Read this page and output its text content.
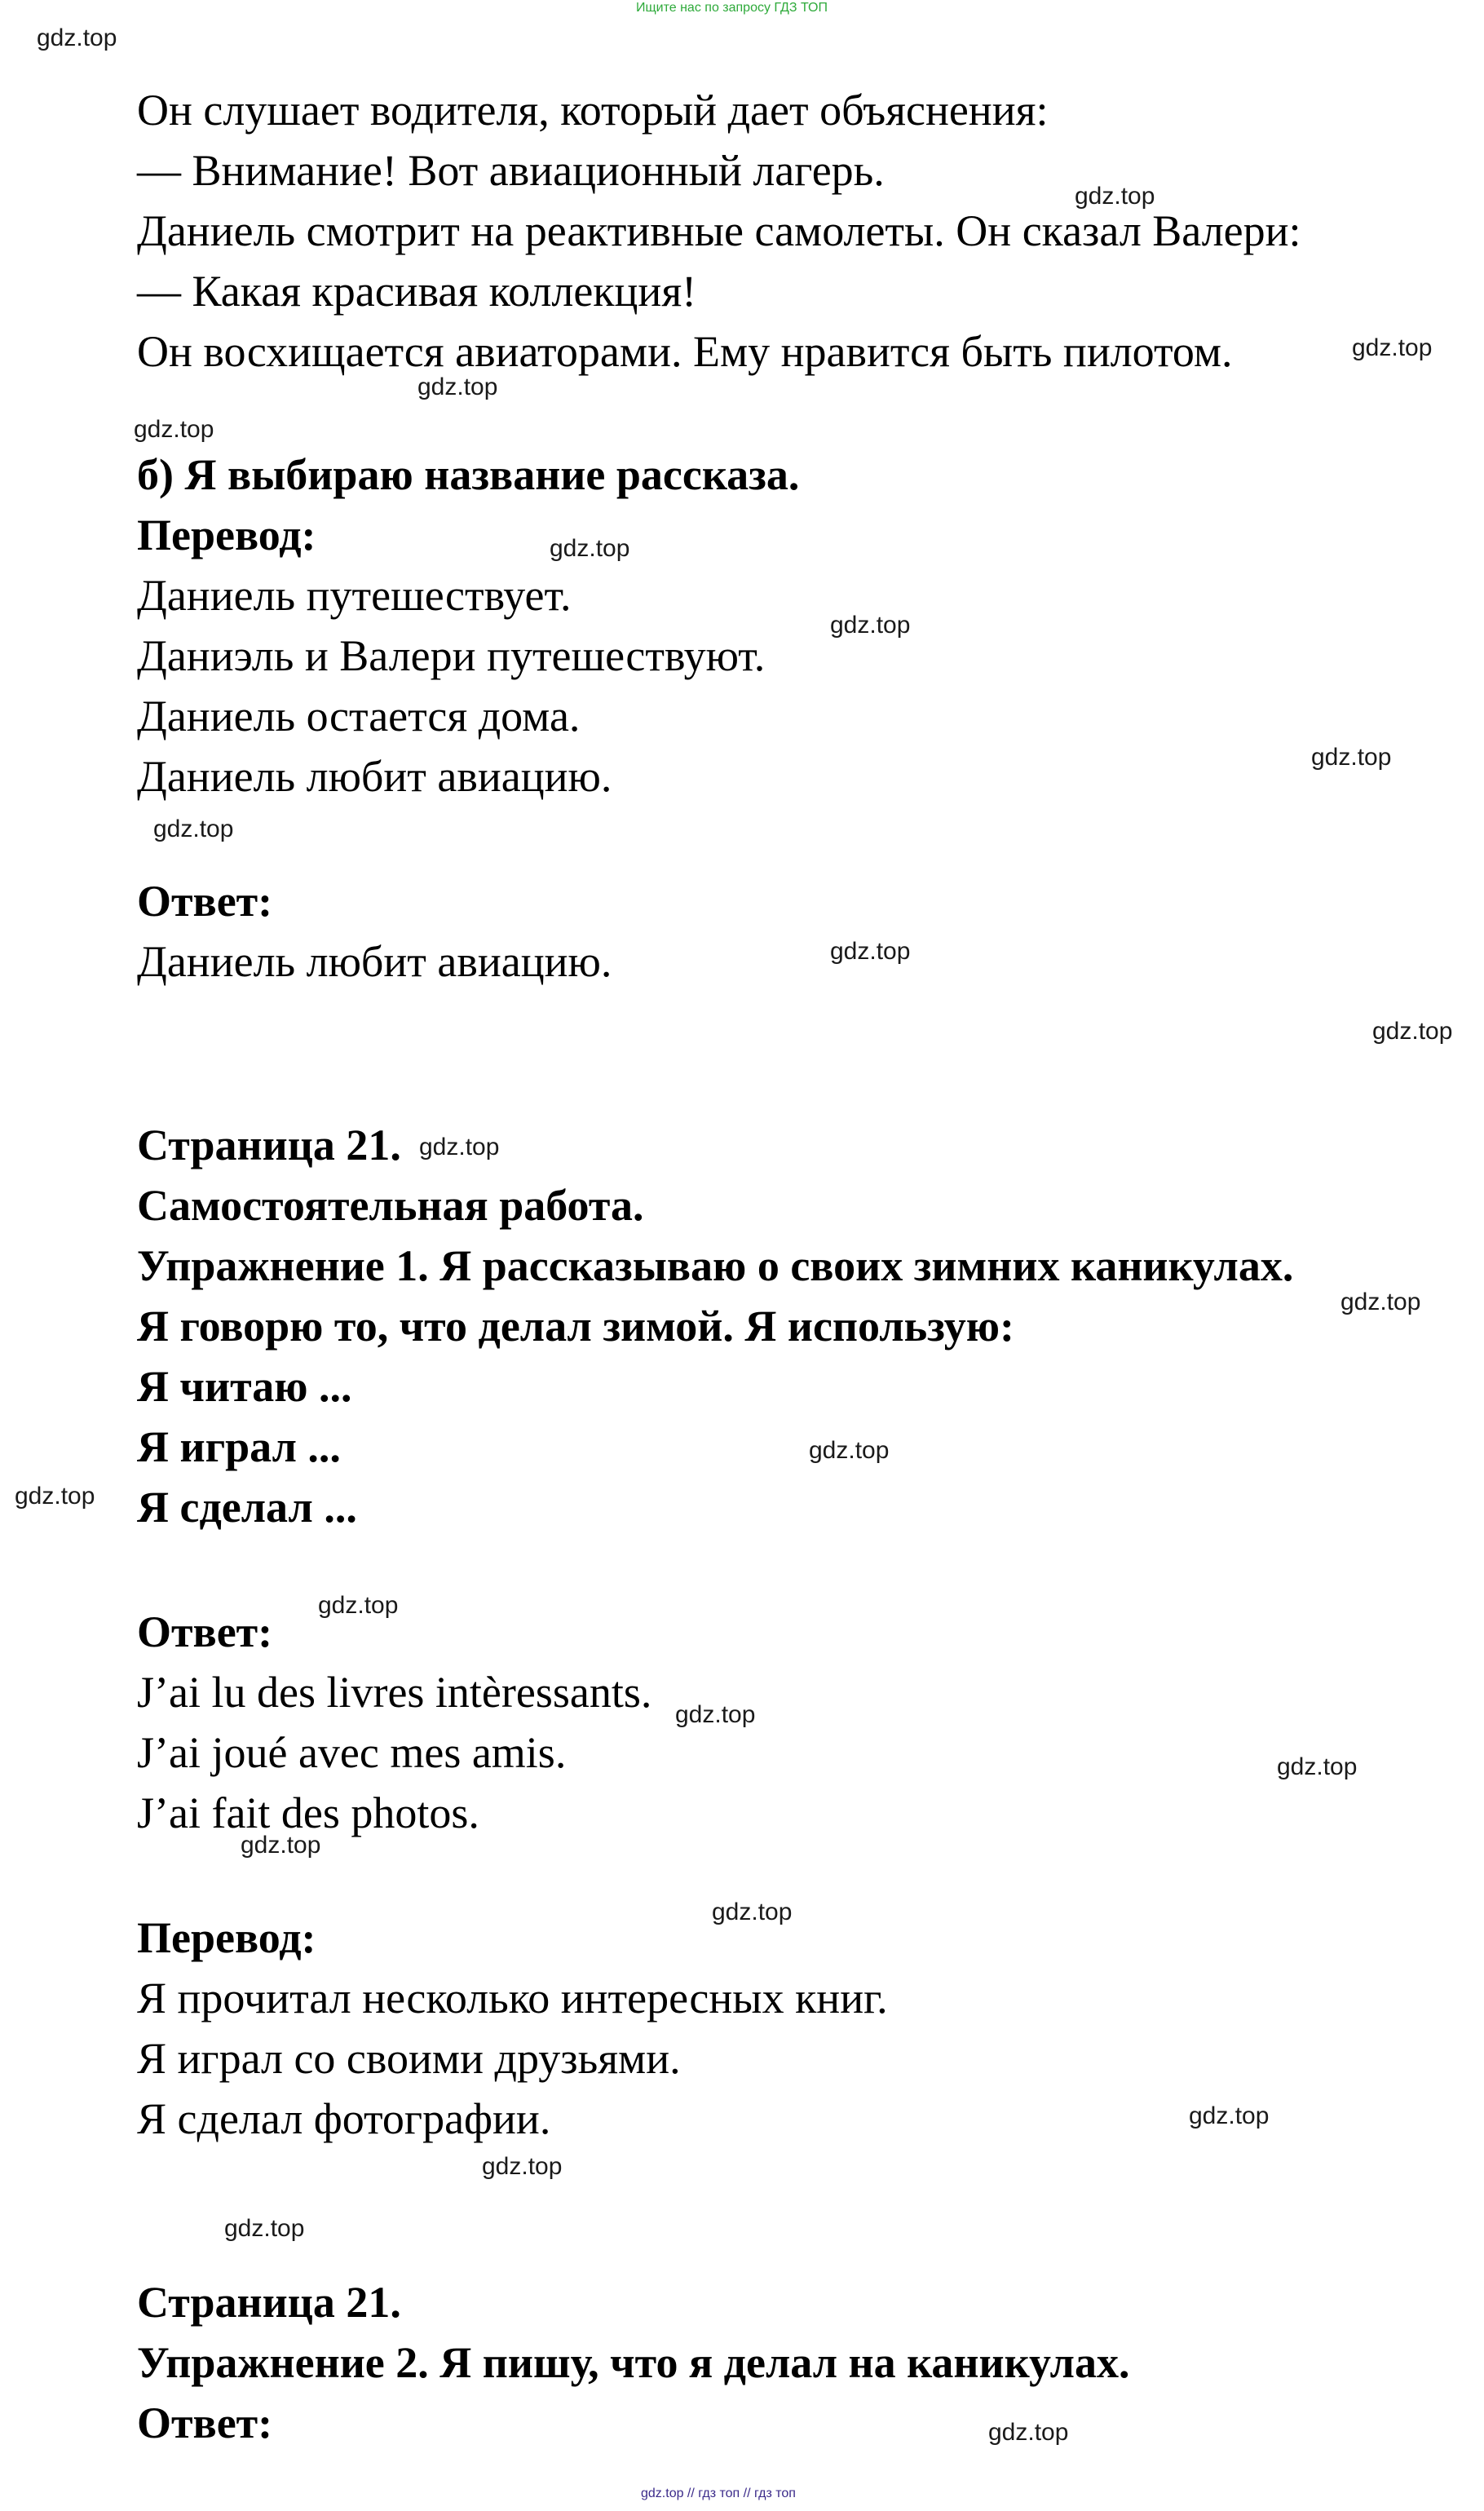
Ищите нас по запросу ГДЗ ТОП
Он слушает водителя, который дает объяснения:
— Внимание! Вот авиационный лагерь.
Даниель смотрит на реактивные самолеты. Он сказал Валери:
— Какая красивая коллекция!
Он восхищается авиаторами. Ему нравится быть пилотом.
б) Я выбираю название рассказа.
Перевод:
Даниель путешествует.
Даниэль и Валери путешествуют.
Даниель остается дома.
Даниель любит авиацию.
Ответ:
Даниель любит авиацию.
Страница 21.
Самостоятельная работа.
Упражнение 1. Я рассказываю о своих зимних каникулах.
Я говорю то, что делал зимой. Я использую:
Я читаю ...
Я играл ...
Я сделал ...
Ответ:
J’ai lu des livres intèressants.
J’ai joué avec mes amis.
J’ai fait des photos.
Перевод:
Я прочитал несколько интересных книг.
Я играл со своими друзьями.
Я сделал фотографии.
Страница 21.
Упражнение 2. Я пишу, что я делал на каникулах.
Ответ:
gdz.top
gdz.top
gdz.top
gdz.top
gdz.top
gdz.top
gdz.top
gdz.top
gdz.top
gdz.top
gdz.top
gdz.top
gdz.top
gdz.top
gdz.top
gdz.top
gdz.top
gdz.top
gdz.top
gdz.top
gdz.top
gdz.top
gdz.top
gdz.top
gdz.top // гдз топ // гдз топ
